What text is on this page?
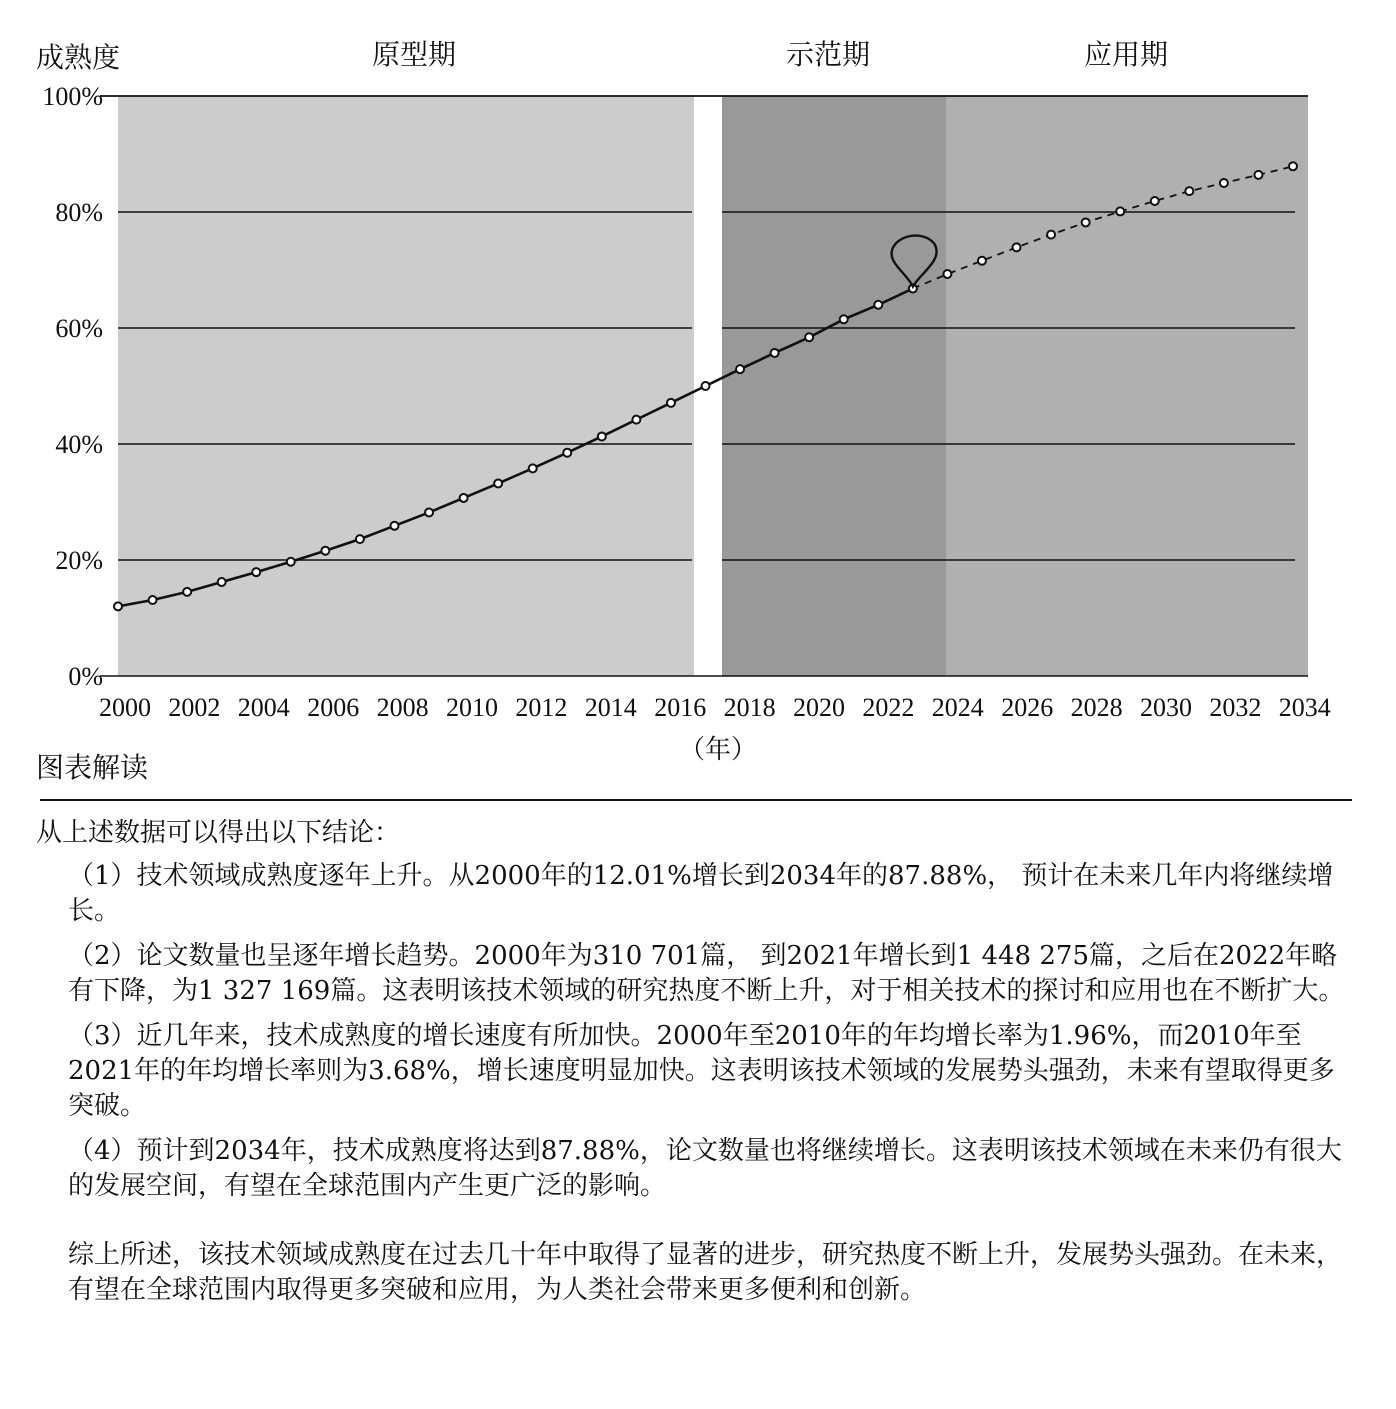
0%
20%
40%
60%
80%
100%
2000 2002 2004 2006 2008 2010 2012 2014 2016 2018 2020 2022 2024 2026 2028 2030 2032 2034
原型期	示范期	应用期
（年）
成熟度
图表解读

从上述数据可以得出以下结论：

（1）技术领域成熟度逐年上升。从2000年的12.01%增长到2034年的87.88%， 预计在未来几年内将继续增长。

（2）论文数量也呈逐年增长趋势。2000年为310 701篇， 到2021年增长到1 448 275篇，之后在2022年略有下降，为1 327 169篇。这表明该技术领域的研究热度不断上升，对于相关技术的探讨和应用也在不断扩大。

（3）近几年来，技术成熟度的增长速度有所加快。2000年至2010年的年均增长率为1.96%，而2010年至2021年的年均增长率则为3.68%，增长速度明显加快。这表明该技术领域的发展势头强劲，未来有望取得更多突破。

（4）预计到2034年，技术成熟度将达到87.88%，论文数量也将继续增长。这表明该技术领域在未来仍有很大的发展空间，有望在全球范围内产生更广泛的影响。

综上所述，该技术领域成熟度在过去几十年中取得了显著的进步，研究热度不断上升，发展势头强劲。在未来，有望在全球范围内取得更多突破和应用，为人类社会带来更多便利和创新。
